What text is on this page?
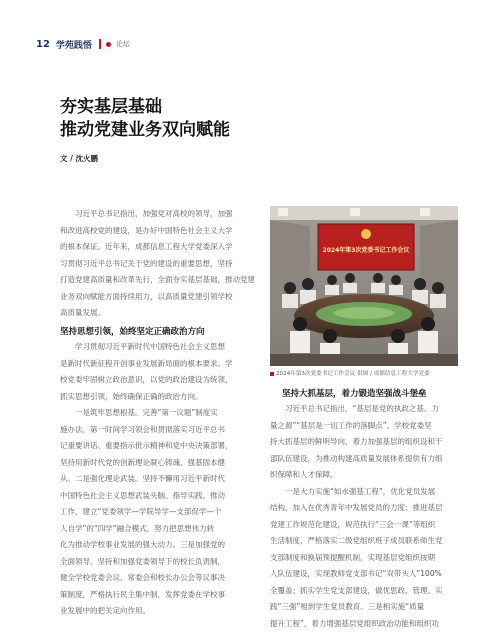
12 学苑践悟	论坛
夯实基层基础
推动党建业务双向赋能
文 / 沈火鹏
习近平总书记指出，加强党对高校的领导，加强
和改进高校党的建设，是办好中国特色社会主义大学
的根本保证。近年来，成都信息工程大学党委深入学
习贯彻习近平总书记关于党的建设的重要思想，坚持
打造党建高质量和改革先行，全面夯实基层基础，推动党建
业务双向赋能方面持续用力，以高质量党建引领学校
高质量发展。
坚持思想引领，始终坚定正确政治方向
学习贯彻习近平新时代中国特色社会主义思想
是新时代新征程开创事业发展新局面的根本要求。学
校党委牢固树立政治意识，以党的政治建设为统领，
抓实思想引领，始终确保正确的政治方向。
一是筑牢思想根基。完善“第一议题”制度实
施办法，第一时间学习领会和贯彻落实习近平总书
记重要讲话、重要指示批示精神和党中央决策部署，
坚持用新时代党的创新理论凝心铸魂、强基固本健
从。二是强化理论武装。坚持不懈用习近平新时代
中国特色社会主义思想武装头脑、指导实践、推动
工作，建立“党委领学—学院导学—支部促学—个
人自学”的“四学”融合模式，努力把思想伟力转
化为推动学校事业发展的强大动力。三是加强党的
全面领导。坚持和加强党委领导下的校长负责制，
健全学校党委会议、常委会和校长办公会等议事决
策制度，严格执行民主集中制，发挥党委在学校事
业发展中的把关定向作用。
2024年第3次党委书记工作会议
2024年第3次党委书记工作会议 供图 / 成都信息工程大学党委
坚持大抓基层，着力锻造坚强战斗堡垒
习近平总书记指出，“基层是党的执政之基、力
量之源”“基层是一切工作的落脚点”。学校党委坚
持大抓基层的鲜明导向，着力加强基层的组织设和干
部队伍建设，为推动构建高质量发展体系提供有力组
织保障和人才保障。
一是大力实施“如水强基工程”，优化党员发展
结构，加入在优秀青年中发展党员的力度；推进基层
党建工作规范化建设，规范执行“三会一课”等组织
生活制度，严格落实二级党组织班子成员联系师生党
支部制度和换届预提醒机制，实现基层党组织按期
人队伍建设，实现教师党支部书记“双带头人”100%
全覆盖；抓实学生党支部建设，做优思政、管理、实
践“三强”相到学生党员教育。三是相实施“质量
提升工程”，着力增强基层党组织政治功能和组织功
